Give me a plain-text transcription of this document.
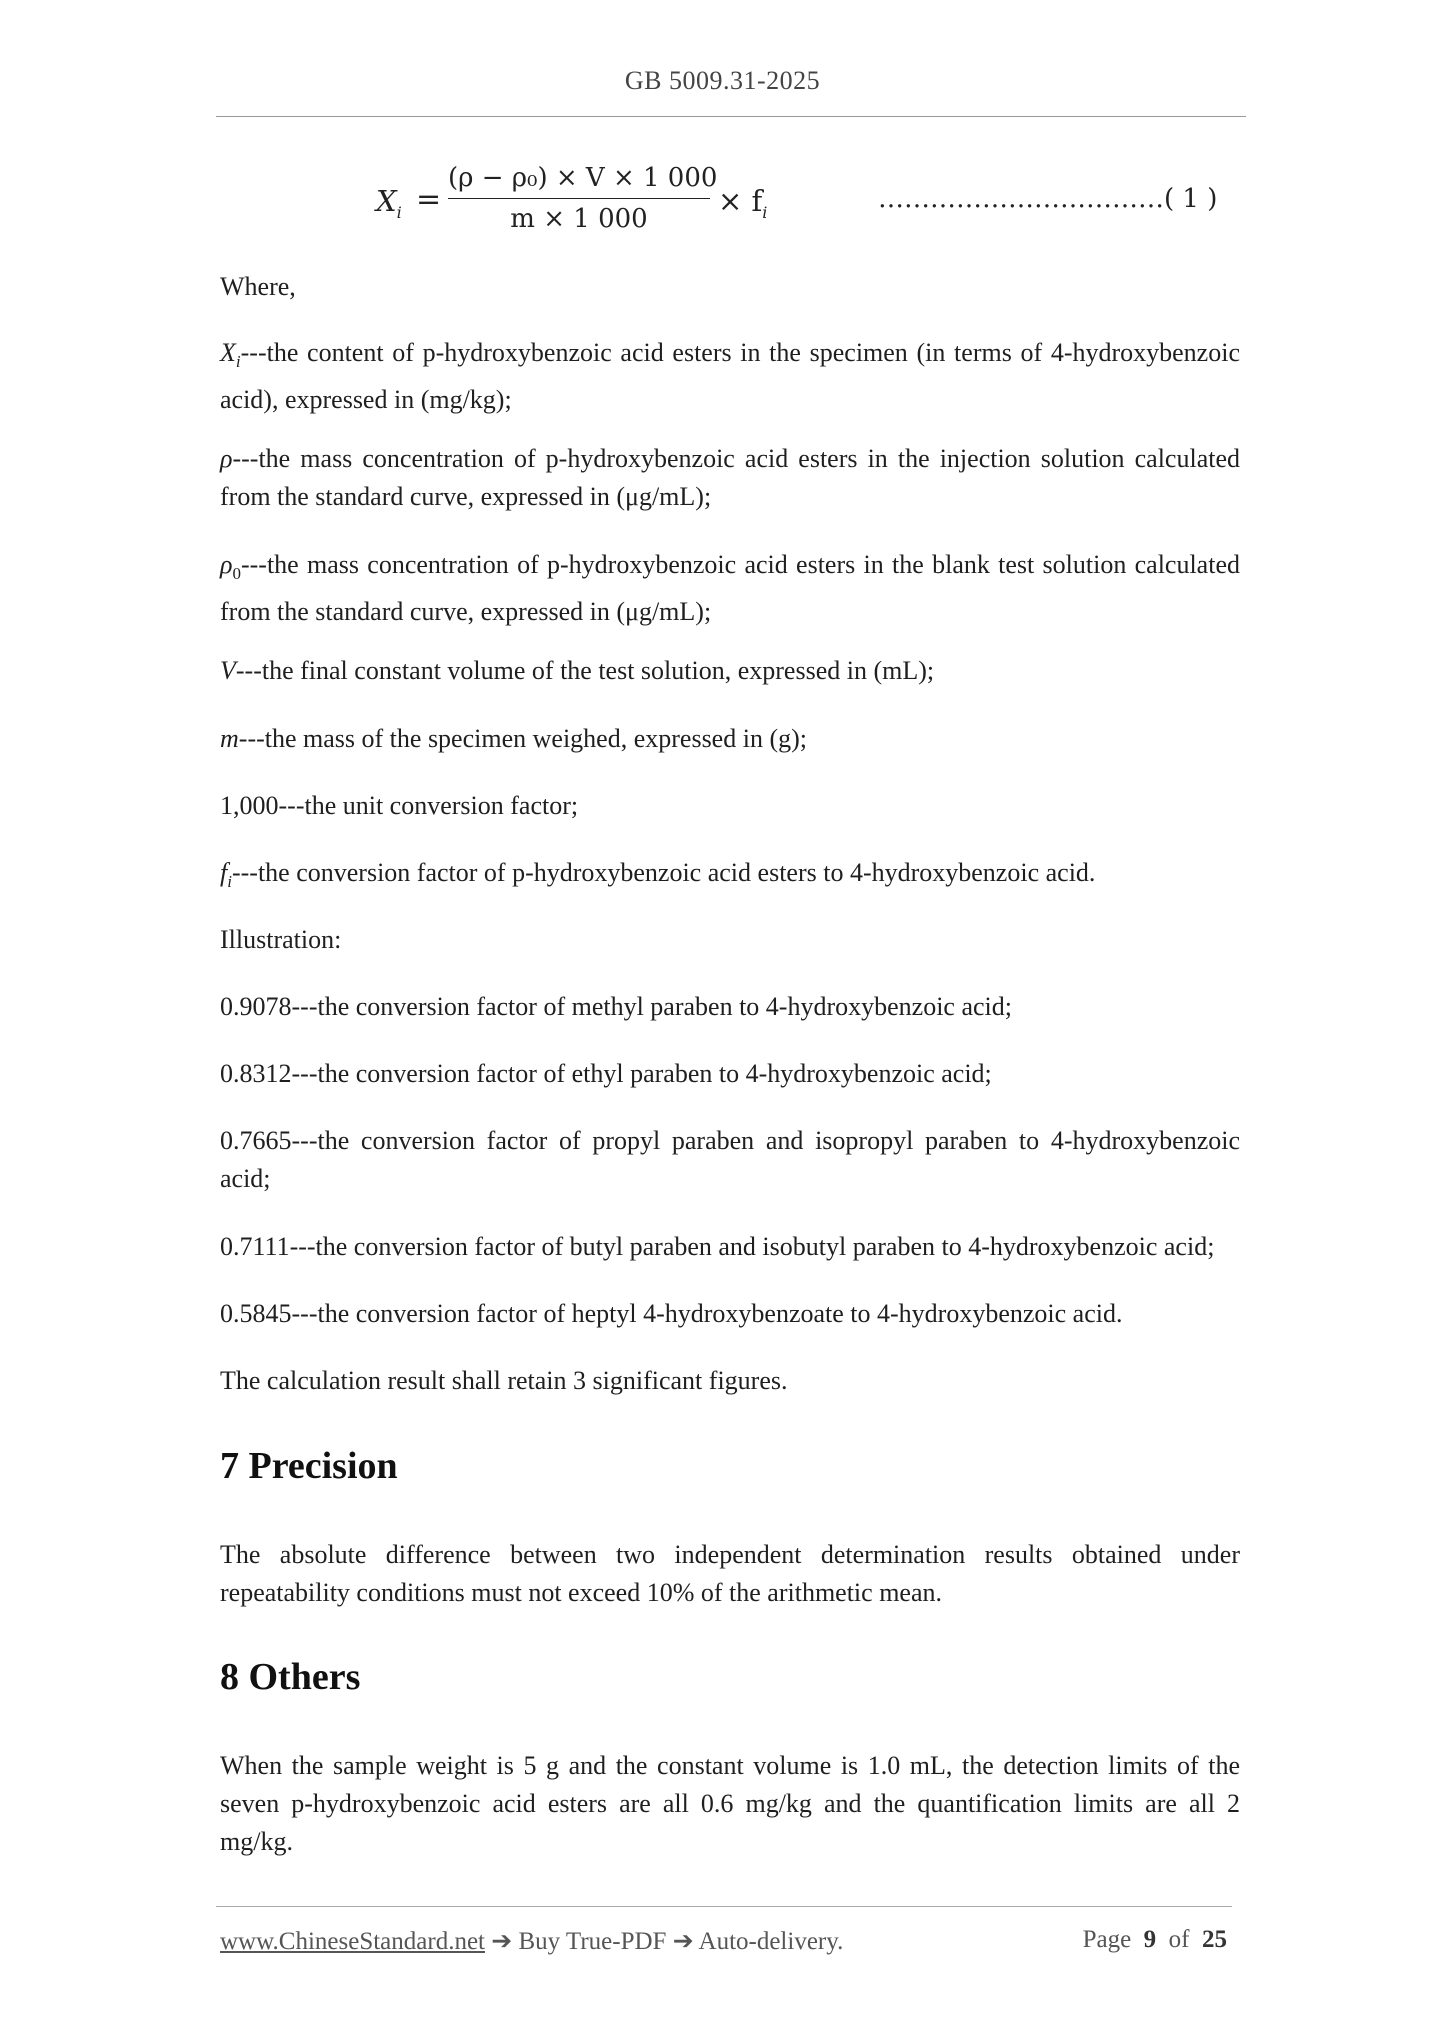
GB 5009.31-2025
$X_i$ =
(ρ − ρ₀) × V × 1 000
m × 1 000
× $f_i$	……………………………( 1 )
Where,
$X_i--$-the content of p-hydroxybenzoic acid esters in the specimen (in terms of 4-hydroxybenzoic acid), expressed in (mg/kg);
ρ---the mass concentration of p-hydroxybenzoic acid esters in the injection solution calculated from the standard curve, expressed in (μg/mL);
$\rho_0--$-the mass concentration of p-hydroxybenzoic acid esters in the blank test solution calculated from the standard curve, expressed in (μg/mL);
V---the final constant volume of the test solution, expressed in (mL);
m---the mass of the specimen weighed, expressed in (g);
1,000---the unit conversion factor;
$f_i--$-the conversion factor of p-hydroxybenzoic acid esters to 4-hydroxybenzoic acid.
Illustration:
0.9078---the conversion factor of methyl paraben to 4-hydroxybenzoic acid;
0.8312---the conversion factor of ethyl paraben to 4-hydroxybenzoic acid;
0.7665---the conversion factor of propyl paraben and isopropyl paraben to 4-hydroxybenzoic acid;
0.7111---the conversion factor of butyl paraben and isobutyl paraben to 4-hydroxybenzoic acid;
0.5845---the conversion factor of heptyl 4-hydroxybenzoate to 4-hydroxybenzoic acid.
The calculation result shall retain 3 significant figures.
7 Precision
The absolute difference between two independent determination results obtained under repeatability conditions must not exceed 10% of the arithmetic mean.
8 Others
When the sample weight is 5 g and the constant volume is 1.0 mL, the detection limits of the seven p-hydroxybenzoic acid esters are all 0.6 mg/kg and the quantification limits are all 2 mg/kg.
www.ChineseStandard.net ➔ Buy True-PDF ➔ Auto-delivery.	Page 9 of 25
